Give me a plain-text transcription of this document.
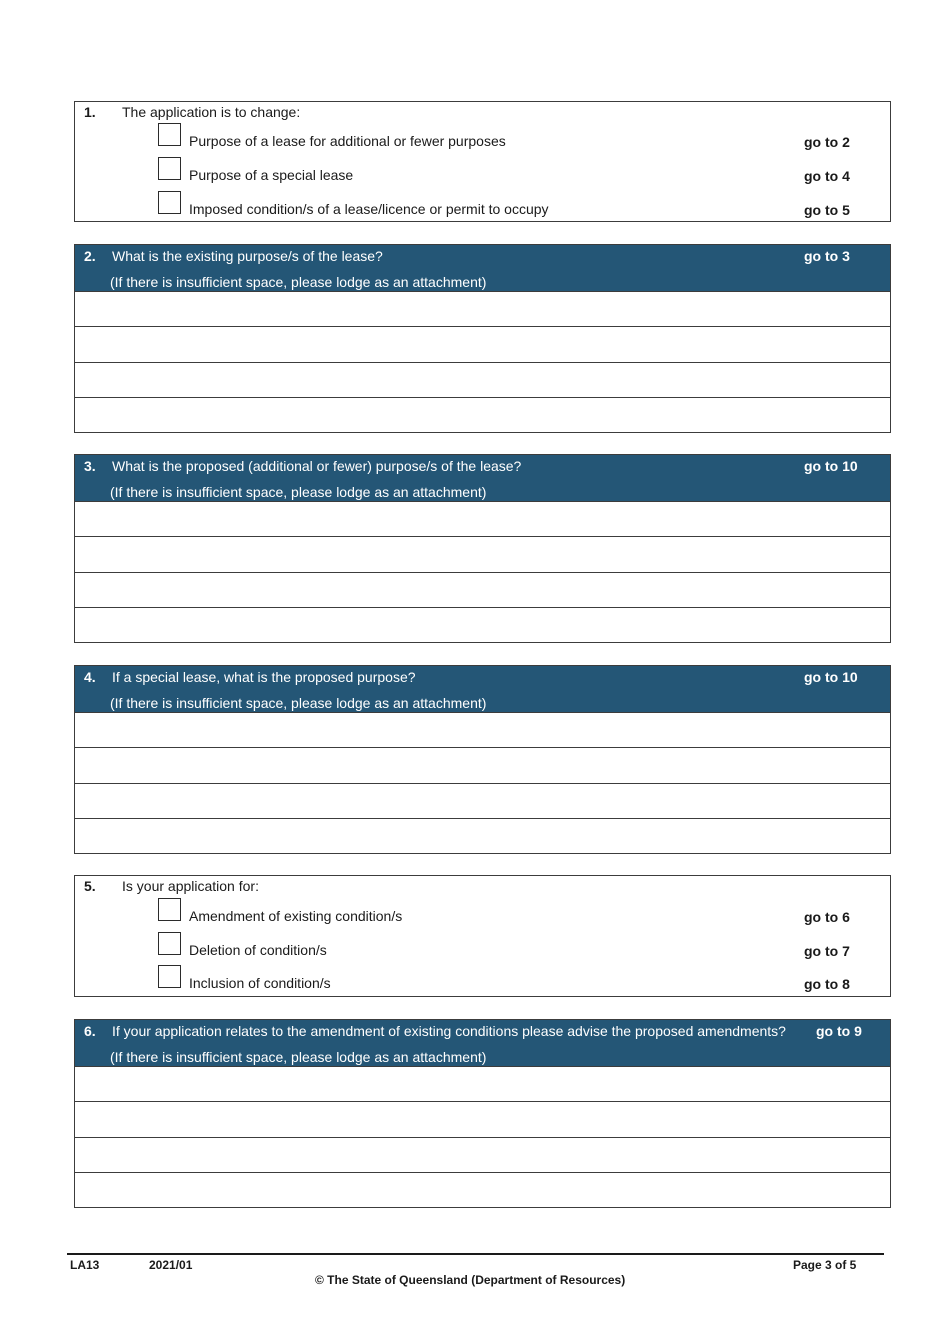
1. The application is to change:
Purpose of a lease for additional or fewer purposes	go to 2
Purpose of a special lease	go to 4
Imposed condition/s of a lease/licence or permit to occupy	go to 5
2. What is the existing purpose/s of the lease?	go to 3
(If there is insufficient space, please lodge as an attachment)
3. What is the proposed (additional or fewer) purpose/s of the lease?	go to 10
(If there is insufficient space, please lodge as an attachment)
4. If a special lease, what is the proposed purpose?	go to 10
(If there is insufficient space, please lodge as an attachment)
5. Is your application for:
Amendment of existing condition/s	go to 6
Deletion of condition/s	go to 7
Inclusion of condition/s	go to 8
6. If your application relates to the amendment of existing conditions please advise the proposed amendments? go to 9
(If there is insufficient space, please lodge as an attachment)
LA13	2021/01	Page 3 of 5
© The State of Queensland (Department of Resources)
